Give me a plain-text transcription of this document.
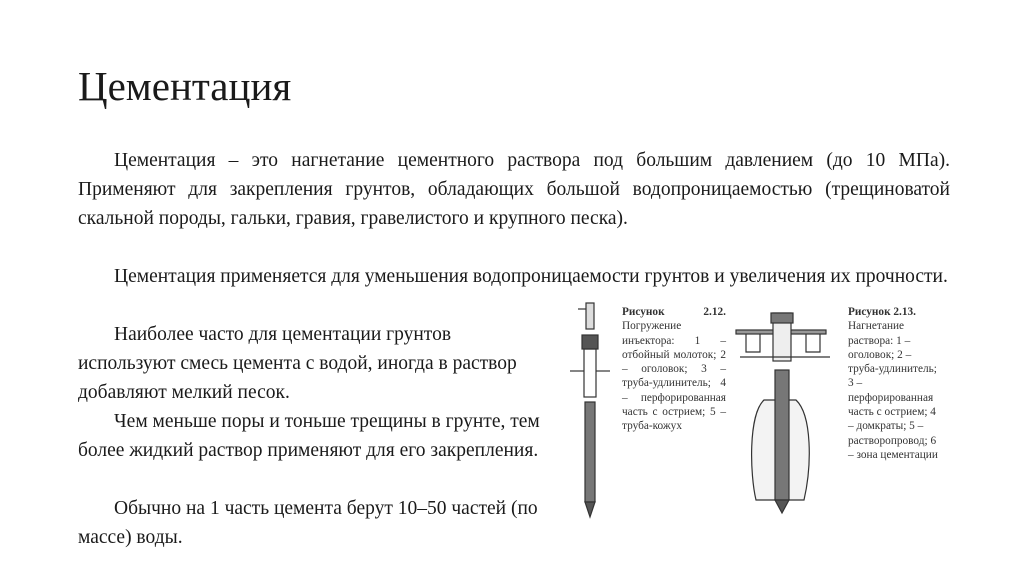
Цементация

Цементация – это нагнетание цементного раствора под большим давлением (до 10 МПа). Применяют для закрепления грунтов, обладающих большой водопроницаемостью (трещиноватой скальной породы, гальки, гравия, гравелистого и крупного песка).

Цементация применяется для уменьшения водопроницаемости грунтов и увеличения их прочности.

Наиболее часто для цементации грунтов используют смесь цемента с водой, иногда в раствор добавляют мелкий песок.

Чем меньше поры и тоньше трещины в грунте, тем более жидкий раствор применяют для его закрепления.

Обычно на 1 часть цемента берут 10–50 частей (по массе) воды.

Рисунок 2.12. Погружение инъектора: 1 – отбойный молоток; 2 – оголовок; 3 – труба-удлинитель; 4 – перфорированная часть с острием; 5 – труба-кожух
Рисунок 2.13. Нагнетание раствора: 1 – оголовок; 2 – труба-удлинитель; 3 – перфорированная часть с острием; 4 – домкраты; 5 – растворопровод; 6 – зона цементации
